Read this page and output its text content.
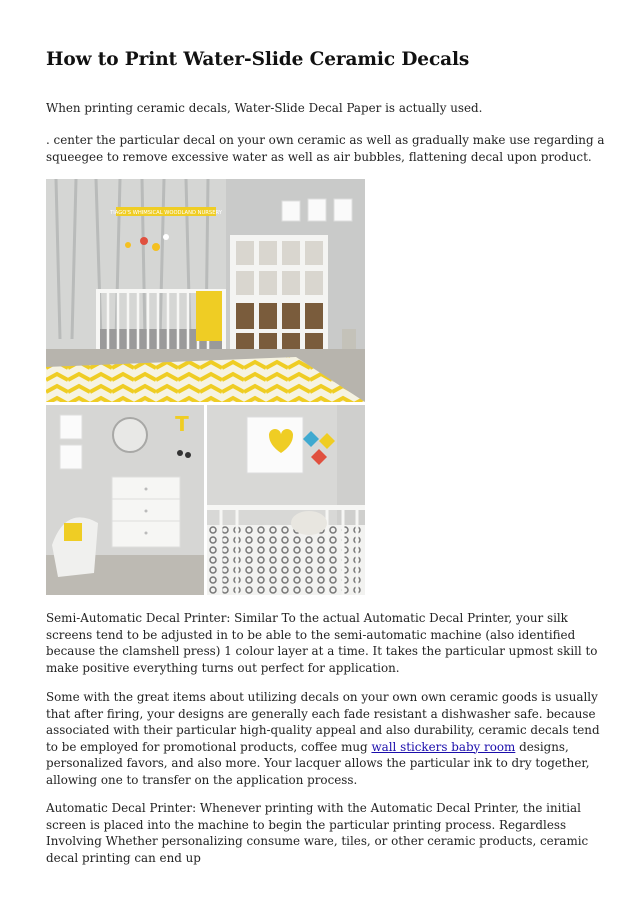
How to Print Water-Slide Ceramic Decals

When printing ceramic decals, Water-Slide Decal Paper is actually used.

. center the particular decal on your own ceramic as well as gradually make use regarding a squeegee to remove excessive water as well as air bubbles, flattening decal upon product.

Semi-Automatic Decal Printer: Similar To the actual Automatic Decal Printer, your silk screens tend to be adjusted in to be able to the semi-automatic machine (also identified because the clamshell press) 1 colour layer at a time. It takes the particular upmost skill to make positive everything turns out perfect for application.

Some with the great items about utilizing decals on your own own ceramic goods is usually that after firing, your designs are generally each fade resistant a dishwasher safe. because associated with their particular high-quality appeal and also durability, ceramic decals tend to be employed for promotional products, coffee mug wall stickers baby room designs, personalized favors, and also more. Your lacquer allows the particular ink to dry together, allowing one to transfer on the application process.

Automatic Decal Printer: Whenever printing with the Automatic Decal Printer, the initial screen is placed into the machine to begin the particular printing process. Regardless Involving Whether personalizing consume ware, tiles, or other ceramic products, ceramic decal printing can end up

TIAGO'S WHIMSICAL WOODLAND NURSERY
T
